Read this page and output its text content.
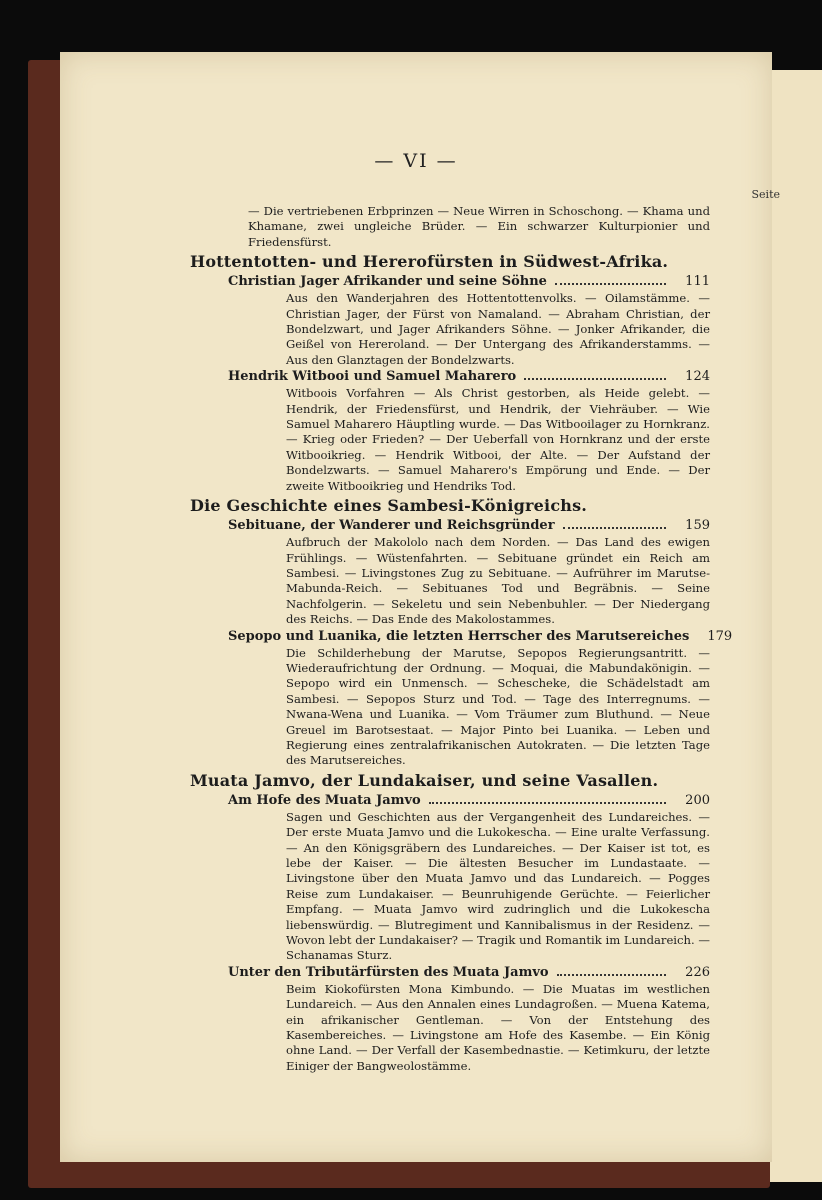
— VI —
Seite

— Die vertriebenen Erbprinzen — Neue Wirren in Schoschong. — Khama und Khamane, zwei ungleiche Brüder. — Ein schwarzer Kulturpionier und Friedensfürst.

Hottentotten- und Hererofürsten in Südwest-Afrika.
Christian Jager Afrikander und seine Söhne	111

Aus den Wanderjahren des Hottentottenvolks. — Oilamstämme. — Christian Jager, der Fürst von Namaland. — Abraham Christian, der Bondelzwart, und Jager Afrikanders Söhne. — Jonker Afrikander, die Geißel von Hereroland. — Der Untergang des Afrikanderstamms. — Aus den Glanztagen der Bondelzwarts.

Hendrik Witbooi und Samuel Maharero	124

Witboois Vorfahren — Als Christ gestorben, als Heide gelebt. — Hendrik, der Friedensfürst, und Hendrik, der Viehräuber. — Wie Samuel Maharero Häuptling wurde. — Das Witbooilager zu Hornkranz. — Krieg oder Frieden? — Der Ueberfall von Hornkranz und der erste Witbooikrieg. — Hendrik Witbooi, der Alte. — Der Aufstand der Bondelzwarts. — Samuel Maharero's Empörung und Ende. — Der zweite Witbooikrieg und Hendriks Tod.

Die Geschichte eines Sambesi-Königreichs.
Sebituane, der Wanderer und Reichsgründer	159

Aufbruch der Makololo nach dem Norden. — Das Land des ewigen Frühlings. — Wüstenfahrten. — Sebituane gründet ein Reich am Sambesi. — Livingstones Zug zu Sebituane. — Aufrührer im Marutse-Mabunda-Reich. — Sebituanes Tod und Begräbnis. — Seine Nachfolgerin. — Sekeletu und sein Nebenbuhler. — Der Niedergang des Reichs. — Das Ende des Makolostammes.

Sepopo und Luanika, die letzten Herrscher des Marutsereiches 179

Die Schilderhebung der Marutse, Sepopos Regierungsantritt. — Wiederaufrichtung der Ordnung. — Moquai, die Mabundakönigin. — Sepopo wird ein Unmensch. — Schescheke, die Schädelstadt am Sambesi. — Sepopos Sturz und Tod. — Tage des Interregnums. — Nwana-Wena und Luanika. — Vom Träumer zum Bluthund. — Neue Greuel im Barotsestaat. — Major Pinto bei Luanika. — Leben und Regierung eines zentralafrikanischen Autokraten. — Die letzten Tage des Marutsereiches.

Muata Jamvo, der Lundakaiser, und seine Vasallen.
Am Hofe des Muata Jamvo	200

Sagen und Geschichten aus der Vergangenheit des Lundareiches. — Der erste Muata Jamvo und die Lukokescha. — Eine uralte Verfassung. — An den Königsgräbern des Lundareiches. — Der Kaiser ist tot, es lebe der Kaiser. — Die ältesten Besucher im Lundastaate. — Livingstone über den Muata Jamvo und das Lundareich. — Pogges Reise zum Lundakaiser. — Beunruhigende Gerüchte. — Feierlicher Empfang. — Muata Jamvo wird zudringlich und die Lukokescha liebenswürdig. — Blutregiment und Kannibalismus in der Residenz. — Wovon lebt der Lundakaiser? — Tragik und Romantik im Lundareich. — Schanamas Sturz.

Unter den Tributärfürsten des Muata Jamvo	226

Beim Kiokofürsten Mona Kimbundo. — Die Muatas im westlichen Lundareich. — Aus den Annalen eines Lundagroßen. — Muena Katema, ein afrikanischer Gentleman. — Von der Entstehung des Kasembereiches. — Livingstone am Hofe des Kasembe. — Ein König ohne Land. — Der Verfall der Kasembednastie. — Ketimkuru, der letzte Einiger der Bangweolostämme.
